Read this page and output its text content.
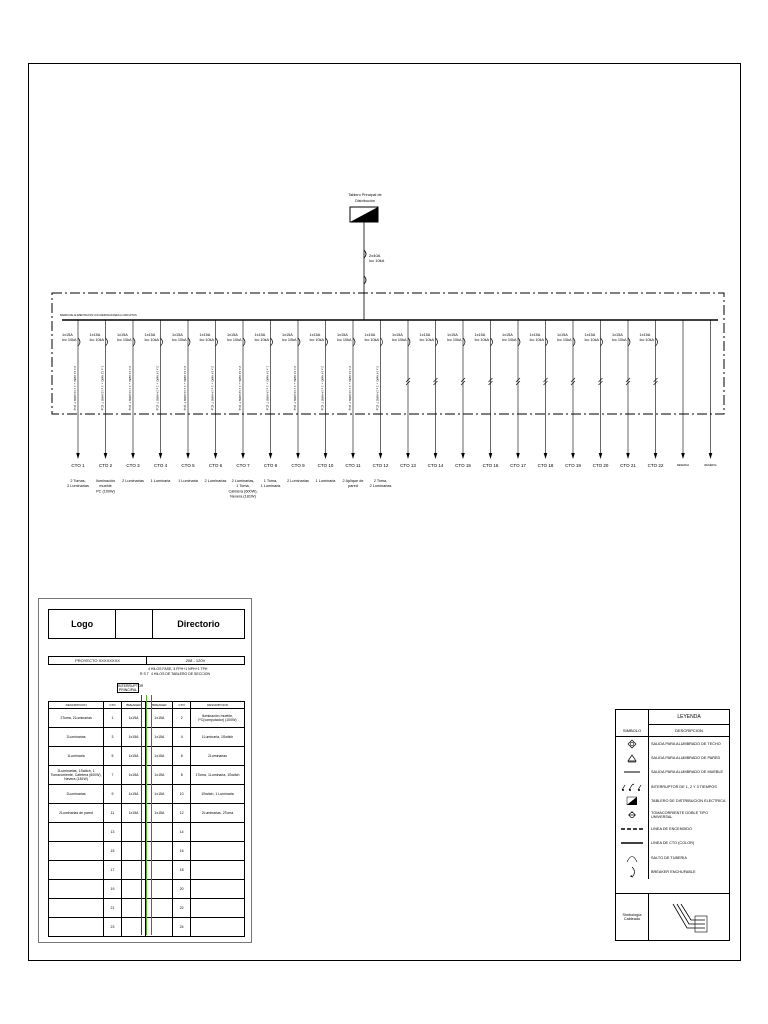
Tablero Principal de
Distribución
2x40A
Icc 10kA
BARRA DE ALIMENTACION CON DERIVACIONES A CIRCUITOS
1x15A
Icc 10kA
2 x 14 AWG + 1 x 14 AWG T (Cu)
CTO 1
2 Tomas,
2 Luminarias
1x15A
Icc 10kA
1 x 12 AWG + 1 x 12 AWG T (Cu)
CTO 2
Iluminación
mueble
PC (100W)
1x15A
Icc 10kA
2 x 14 AWG + 1 x 14 AWG T (Cu)
CTO 3
2 Luminarias
1x15A
Icc 10kA
2 x 14 AWG + 1 x 14 AWG T (Cu)
CTO 4
1 Luminaria
1x15A
Icc 10kA
2 x 14 AWG + 1 x 14 AWG T (Cu)
CTO 5
1 Luminaria
1x15A
Icc 10kA
2 x 14 AWG + 1 x 14 AWG T (Cu)
CTO 6
2 Luminarias
1x15A
Icc 10kA
2 x 12 AWG + 1 x 12 AWG T (Cu)
CTO 7
2 Luminarias,
1 Toma,
Cafetera (600W),
Nevera (181W)
1x15A
Icc 10kA
1 x 14 AWG + 1 x 14 AWG T (Cu)
CTO 8
1 Toma,
1 Luminaria
1x15A
Icc 10kA
2 x 14 AWG + 1 x 14 AWG T (Cu)
CTO 9
2 Luminarias
1x15A
Icc 10kA
2 x 14 AWG + 1 x 14 AWG T (Cu)
CTO 10
1 Luminaria
1x15A
Icc 10kA
2 x 14 AWG + 1 x 14 AWG T (Cu)
CTO 11
2 Aplique de
pared
1x15A
Icc 10kA
2 x 14 AWG + 1 x 14 AWG T (Cu)
CTO 12
2 Toma,
2 Luminarias
1x15A
Icc 10kA
CTO 13
1x15A
Icc 10kA
CTO 14
1x15A
Icc 10kA
CTO 15
1x15A
Icc 10kA
CTO 16
1x15A
Icc 10kA
CTO 17
1x15A
Icc 10kA
CTO 18
1x15A
Icc 10kA
CTO 19
1x15A
Icc 10kA
CTO 20
1x15A
Icc 10kA
CTO 21
1x15A
Icc 10kA
CTO 22	RESERVA	RESERVA
Logo	Directorio
PROYECTO XXXXXXXX	208 - 120V
4 HILOS FASE, 3 FPH+1 NPH+1 TPH
R S T 4 HILOS DE TABLERO DE SECCION
INTERRUPTOR PRINCIPAL
DESCRIPCION	CTO	BREAKER	BREAKER	CTO	DESCRIPCION
2Toma, 2Luminarias	1	1x15A	1x15A	2	Iluminación mueble, PC(computador) (100W)
2Luminarias	3	1x15A	1x15A	4	1Luminaria, 1Switch
1Luminaria	5	1x15A	1x15A	6	2Luminarias
2Luminarias, 1Switch, 1 Tomacorriente, Cafetera (600W), Nevera (181W)	7	1x15A	1x15A	8	1Toma, 1Luminaria, 1Switch
2Luminarias	9	1x15A	1x15A	10	1Switch, 1 Luminaria
2Luminarias de pared	11	1x15A	1x15A	12	2Luminarias, 2Toma
	13			14	
	15			16	
	17			18	
	19			20	
	21			22	
	23			24	
LEYENDA
SIMBOLO	DESCRIPCION
SALIDA PARA ALUMBRADO DE TECHO
SALIDA PARA ALUMBRADO DE PARED
SALIDA PARA ALUMBRADO DE MUEBLE
INTERRUPTOR DE 1, 2 Y 3 TIEMPOS
TABLERO DE DISTRIBUCION ELECTRICA
TOMACORRIENTE DOBLE TIPO UNIVERSAL
LINEA DE ENCENDIDO
LINEA DE CTO (COLOR)
SALTO DE TUBERIA
BREAKER ENCHUFABLE
Simbología
Cableado
